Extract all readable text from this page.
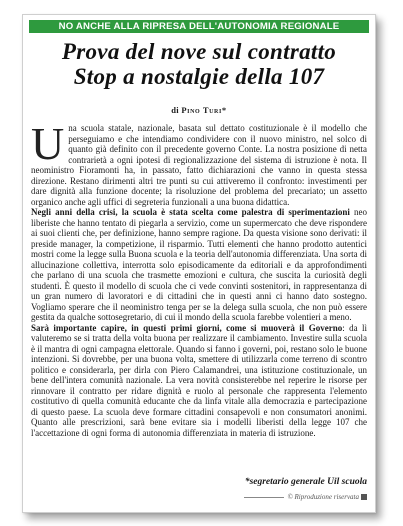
NO ANCHE ALLA RIPRESA DELL'AUTONOMIA REGIONALE
Prova del nove sul contratto
Stop a nostalgie della 107
di Pino Turi*

Una scuola statale, nazionale, basata sul dettato costituzionale è il modello che perseguiamo e che intendiamo condividere con il nuovo ministro, nel solco di quanto già definito con il precedente governo Conte. La nostra posizione di netta contrarietà a ogni ipotesi di regionalizzazione del sistema di istruzione è nota. Il neoministro Fioramonti ha, in passato, fatto dichiarazioni che vanno in questa stessa direzione. Restano dirimenti altri tre punti su cui attiveremo il confronto: investimenti per dare dignità alla funzione docente; la risoluzione del problema del precariato; un assetto organico anche agli uffici di segreteria funzionali a una buona didattica.

Negli anni della crisi, la scuola è stata scelta come palestra di sperimentazioni neo liberiste che hanno tentato di piegarla a servizio, come un supermercato che deve rispondere ai suoi clienti che, per definizione, hanno sempre ragione. Da questa visione sono derivati: il preside manager, la competizione, il risparmio. Tutti elementi che hanno prodotto autentici mostri come la legge sulla Buona scuola e la teoria dell'autonomia differenziata. Una sorta di allucinazione collettiva, interrotta solo episodicamente da editoriali e da approfondimenti che parlano di una scuola che trasmette emozioni e cultura, che suscita la curiosità degli studenti. È questo il modello di scuola che ci vede convinti sostenitori, in rappresentanza di un gran numero di lavoratori e di cittadini che in questi anni ci hanno dato sostegno. Vogliamo sperare che il neoministro tenga per se la delega sulla scuola, che non può essere gestita da qualche sottosegretario, di cui il mondo della scuola farebbe volentieri a meno.

Sarà importante capire, in questi primi giorni, come si muoverà il Governo: da lì valuteremo se si tratta della volta buona per realizzare il cambiamento. Investire sulla scuola è il mantra di ogni campagna elettorale. Quando si fanno i governi, poi, restano solo le buone intenzioni. Si dovrebbe, per una buona volta, smettere di utilizzarla come terreno di scontro politico e considerarla, per dirla con Piero Calamandrei, una istituzione costituzionale, un bene dell'intera comunità nazionale. La vera novità consisterebbe nel reperire le risorse per rinnovare il contratto per ridare dignità e ruolo al personale che rappresenta l'elemento costitutivo di quella comunità educante che da linfa vitale alla democrazia e partecipazione di questo paese. La scuola deve formare cittadini consapevoli e non consumatori anonimi. Quanto alle prescrizioni, sarà bene evitare sia i modelli liberisti della legge 107 che l'accettazione di ogni forma di autonomia differenziata in materia di istruzione.

*segretario generale Uil scuola
© Riproduzione riservata
